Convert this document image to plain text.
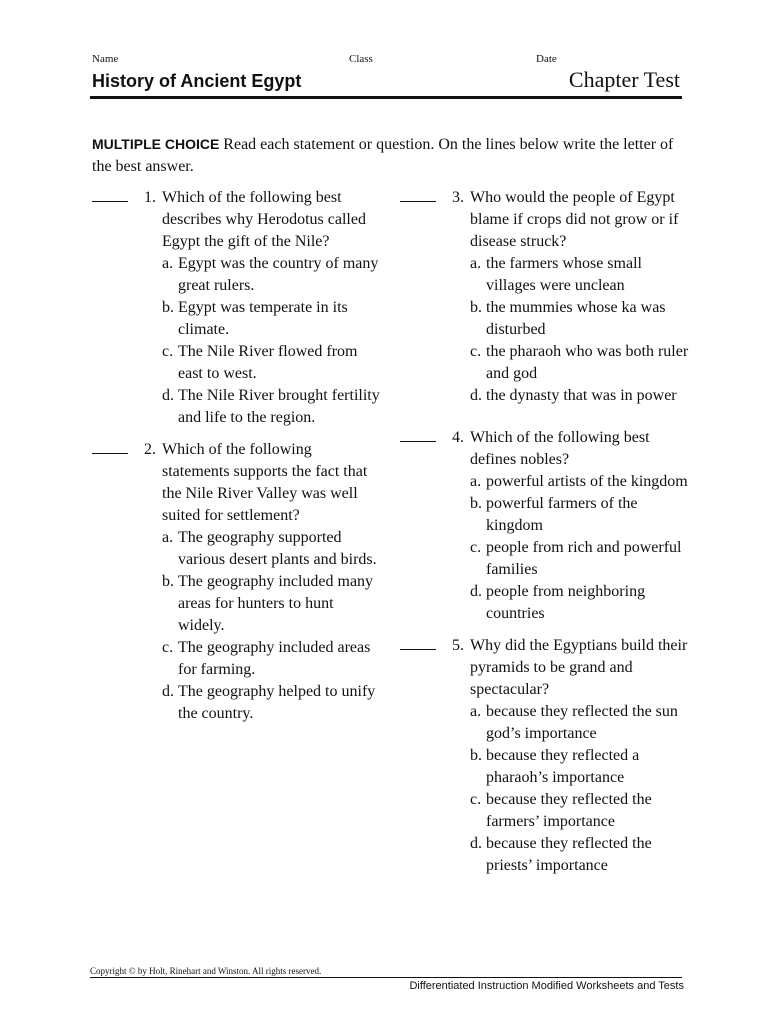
Name	Class	Date
History of Ancient Egypt	Chapter Test
MULTIPLE CHOICE Read each statement or question. On the lines below write the letter of the best answer.
1. Which of the following best describes why Herodotus called Egypt the gift of the Nile?
a. Egypt was the country of many great rulers.
b. Egypt was temperate in its climate.
c. The Nile River flowed from east to west.
d. The Nile River brought fertility and life to the region.
2. Which of the following statements supports the fact that the Nile River Valley was well suited for settlement?
a. The geography supported various desert plants and birds.
b. The geography included many areas for hunters to hunt widely.
c. The geography included areas for farming.
d. The geography helped to unify the country.
3. Who would the people of Egypt blame if crops did not grow or if disease struck?
a. the farmers whose small villages were unclean
b. the mummies whose ka was disturbed
c. the pharaoh who was both ruler and god
d. the dynasty that was in power
4. Which of the following best defines nobles?
a. powerful artists of the kingdom
b. powerful farmers of the kingdom
c. people from rich and powerful families
d. people from neighboring countries
5. Why did the Egyptians build their pyramids to be grand and spectacular?
a. because they reflected the sun god’s importance
b. because they reflected a pharaoh’s importance
c. because they reflected the farmers’ importance
d. because they reflected the priests’ importance
Copyright © by Holt, Rinehart and Winston. All rights reserved.
Differentiated Instruction Modified Worksheets and Tests
